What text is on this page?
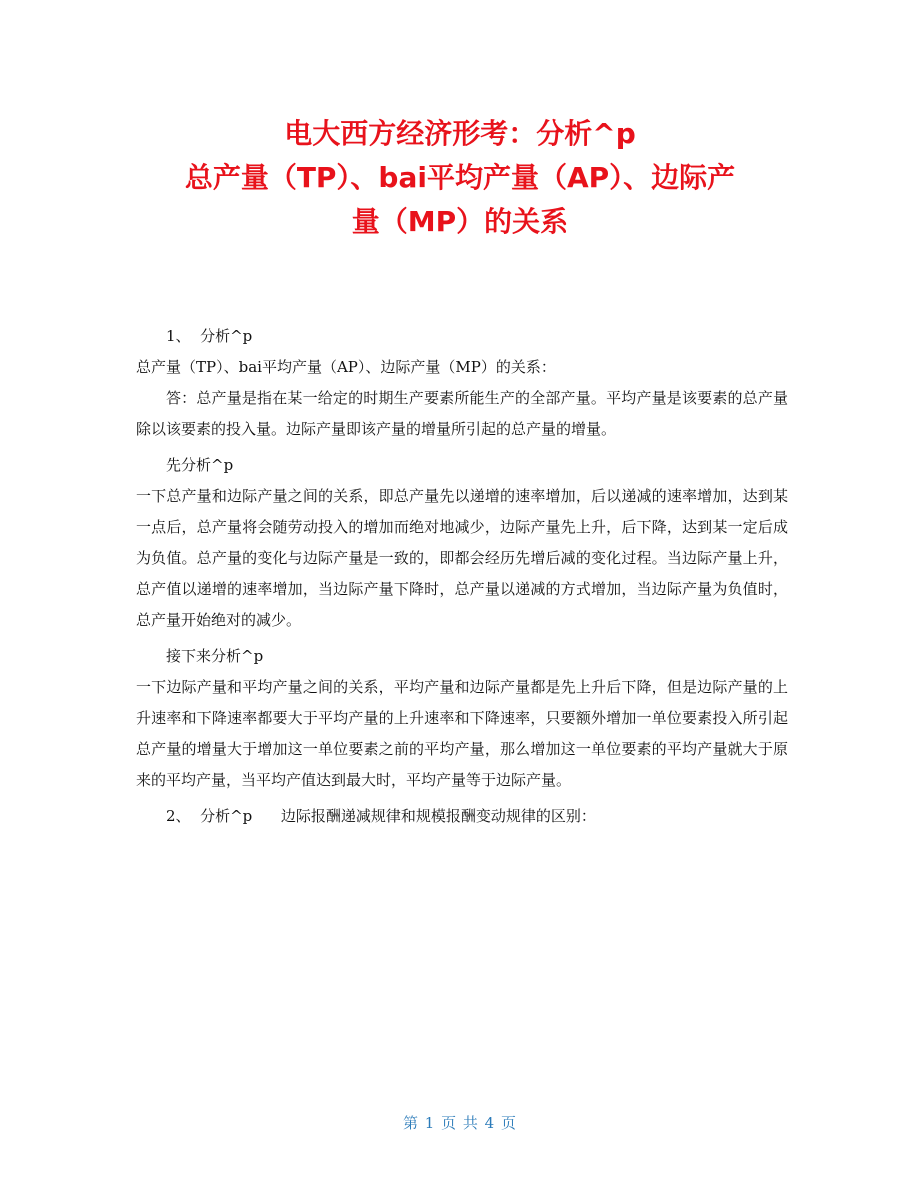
电大西方经济形考：分析^p
总产量（TP）、bai平均产量（AP）、边际产
量（MP）的关系

1、  分析^p

总产量（TP）、bai平均产量（AP）、边际产量（MP）的关系：

答：总产量是指在某一给定的时期生产要素所能生产的全部产量。平均产量是该要素的总产量除以该要素的投入量。边际产量即该产量的增量所引起的总产量的增量。

先分析^p

一下总产量和边际产量之间的关系，即总产量先以递增的速率增加，后以递减的速率增加，达到某一点后，总产量将会随劳动投入的增加而绝对地减少，边际产量先上升，后下降，达到某一定后成为负值。总产量的变化与边际产量是一致的，即都会经历先增后减的变化过程。当边际产量上升，总产值以递增的速率增加，当边际产量下降时，总产量以递减的方式增加，当边际产量为负值时，总产量开始绝对的减少。

接下来分析^p

一下边际产量和平均产量之间的关系，平均产量和边际产量都是先上升后下降，但是边际产量的上升速率和下降速率都要大于平均产量的上升速率和下降速率，只要额外增加一单位要素投入所引起总产量的增量大于增加这一单位要素之前的平均产量，那么增加这一单位要素的平均产量就大于原来的平均产量，当平均产值达到最大时，平均产量等于边际产量。

2、  分析^p      边际报酬递减规律和规模报酬变动规律的区别：

第 1 页 共 4 页
